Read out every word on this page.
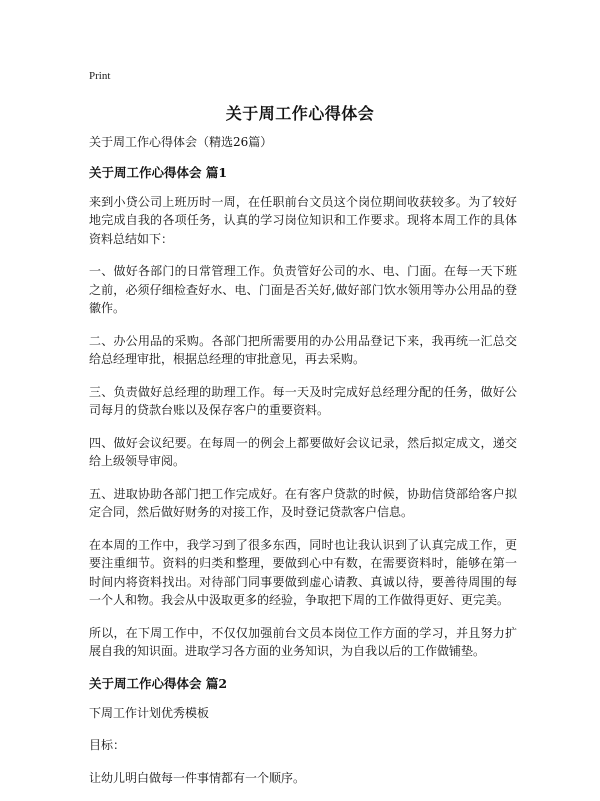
Print
关于周工作心得体会

关于周工作心得体会（精选26篇）

关于周工作心得体会 篇1

来到小贷公司上班历时一周，在任职前台文员这个岗位期间收获较多。为了较好地完成自我的各项任务，认真的学习岗位知识和工作要求。现将本周工作的具体资料总结如下：

一、做好各部门的日常管理工作。负责管好公司的水、电、门面。在每一天下班之前，必须仔细检查好水、电、门面是否关好,做好部门饮水领用等办公用品的登徽作。

二、办公用品的采购。各部门把所需要用的办公用品登记下来，我再统一汇总交给总经理审批，根据总经理的审批意见，再去采购。

三、负责做好总经理的助理工作。每一天及时完成好总经理分配的任务，做好公司每月的贷款台账以及保存客户的重要资料。

四、做好会议纪要。在每周一的例会上都要做好会议记录，然后拟定成文，递交给上级领导审阅。

五、进取协助各部门把工作完成好。在有客户贷款的时候，协助信贷部给客户拟定合同，然后做好财务的对接工作，及时登记贷款客户信息。

在本周的工作中，我学习到了很多东西，同时也让我认识到了认真完成工作，更要注重细节。资料的归类和整理，要做到心中有数，在需要资料时，能够在第一时间内将资料找出。对待部门同事要做到虚心请教、真诚以待，要善待周围的每一个人和物。我会从中汲取更多的经验，争取把下周的工作做得更好、更完美。

所以，在下周工作中，不仅仅加强前台文员本岗位工作方面的学习，并且努力扩展自我的知识面。进取学习各方面的业务知识，为自我以后的工作做铺垫。

关于周工作心得体会 篇2

下周工作计划优秀模板

目标：

让幼儿明白做每一件事情都有一个顺序。
